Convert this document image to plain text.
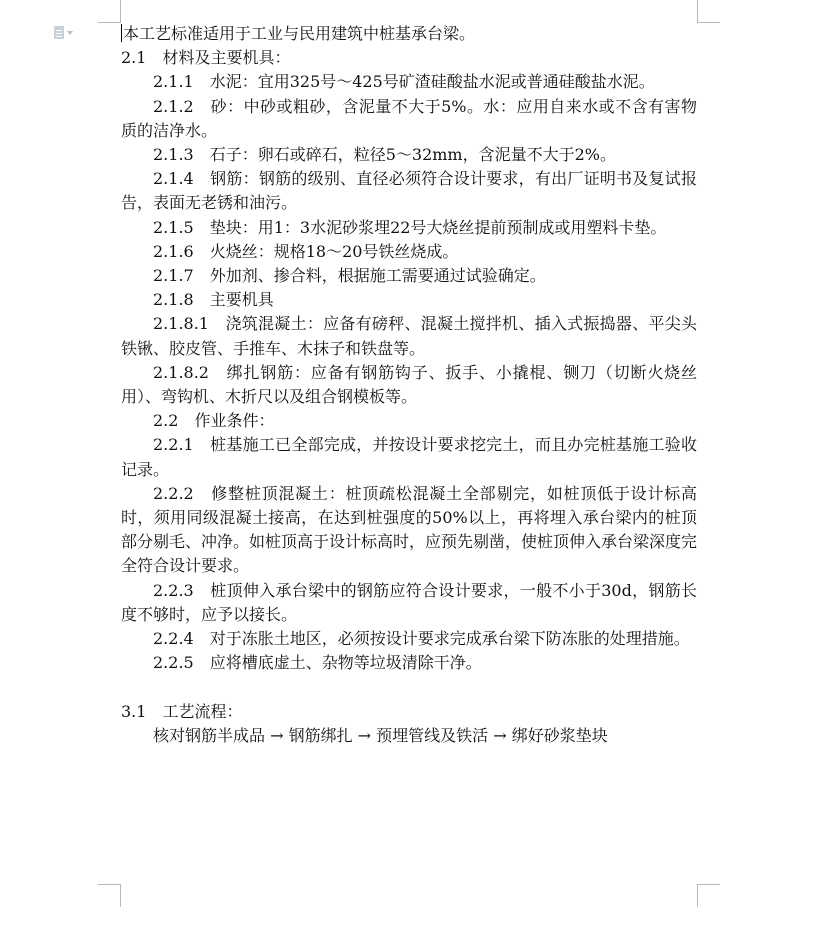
本工艺标准适用于工业与民用建筑中桩基承台梁。

2.1　材料及主要机具：

2.1.1　水泥：宜用325号～425号矿渣硅酸盐水泥或普通硅酸盐水泥。

2.1.2　砂：中砂或粗砂，含泥量不大于5%。水：应用自来水或不含有害物质的洁净水。

2.1.3　石子：卵石或碎石，粒径5～32mm，含泥量不大于2%。

2.1.4　钢筋：钢筋的级别、直径必须符合设计要求，有出厂证明书及复试报告，表面无老锈和油污。

2.1.5　垫块：用1：3水泥砂浆埋22号大烧丝提前预制成或用塑料卡垫。

2.1.6　火烧丝：规格18～20号铁丝烧成。

2.1.7　外加剂、掺合料，根据施工需要通过试验确定。

2.1.8　主要机具

2.1.8.1　浇筑混凝土：应备有磅秤、混凝土搅拌机、插入式振捣器、平尖头铁锹、胶皮管、手推车、木抹子和铁盘等。

2.1.8.2　绑扎钢筋：应备有钢筋钩子、扳手、小撬棍、铡刀（切断火烧丝用）、弯钩机、木折尺以及组合钢模板等。

2.2　作业条件：

2.2.1　桩基施工已全部完成，并按设计要求挖完土，而且办完桩基施工验收记录。

2.2.2　修整桩顶混凝土：桩顶疏松混凝土全部剔完，如桩顶低于设计标高时，须用同级混凝土接高，在达到桩强度的50%以上，再将埋入承台梁内的桩顶部分剔毛、冲净。如桩顶高于设计标高时，应预先剔凿，使桩顶伸入承台梁深度完全符合设计要求。

2.2.3　桩顶伸入承台梁中的钢筋应符合设计要求，一般不小于30d，钢筋长度不够时，应予以接长。

2.2.4　对于冻胀土地区，必须按设计要求完成承台梁下防冻胀的处理措施。

2.2.5　应将槽底虚土、杂物等垃圾清除干净。

3.1　工艺流程：

核对钢筋半成品 → 钢筋绑扎 → 预埋管线及铁活 → 绑好砂浆垫块
